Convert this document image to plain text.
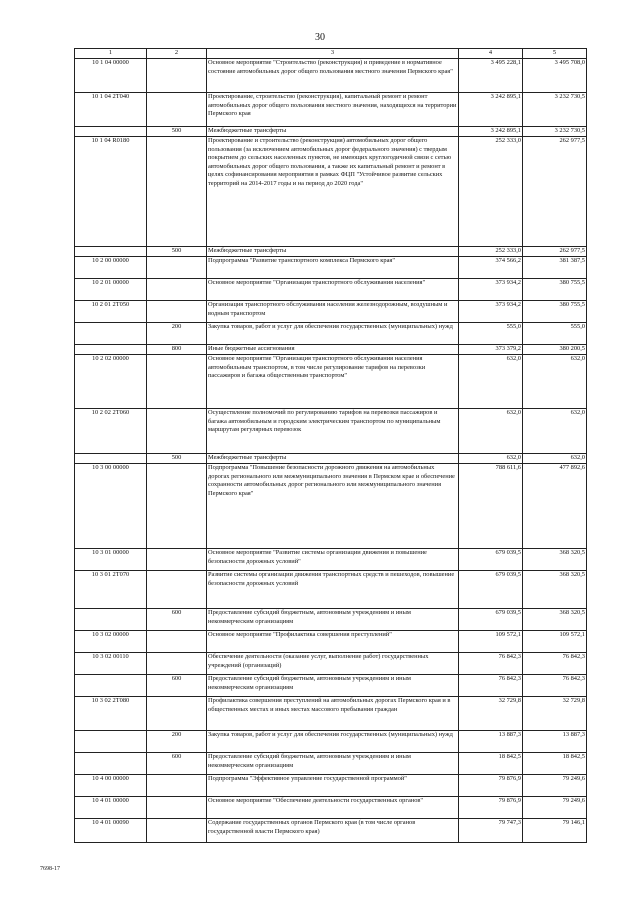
30
1	2	3	4	5
10 1 04 00000		Основное мероприятие "Строительство (реконструкция) и приведение в нормативное состояние автомобильных дорог общего пользования местного значения Пермского края"	3 495 228,1	3 495 708,0
10 1 04 2Т040		Проектирование, строительство (реконструкция), капитальный ремонт и ремонт автомобильных дорог общего пользования местного значения, находящихся на территории Пермского края	3 242 895,1	3 232 730,5
	500	Межбюджетные трансферты	3 242 895,1	3 232 730,5
10 1 04 R0180		Проектирование и строительство (реконструкция) автомобильных дорог общего пользования (за исключением автомобильных дорог федерального значения) с твердым покрытием до сельских населенных пунктов, не имеющих круглогодичной связи с сетью автомобильных дорог общего пользования, а также их капитальный ремонт и ремонт в целях софинансирования мероприятия в рамках ФЦП "Устойчивое развитие сельских территорий на 2014-2017 годы и на период до 2020 года"	252 333,0	262 977,5
	500	Межбюджетные трансферты	252 333,0	262 977,5
10 2 00 00000		Подпрограмма "Развитие транспортного комплекса Пермского края"	374 566,2	381 387,5
10 2 01 00000		Основное мероприятие "Организация транспортного обслуживания населения"	373 934,2	380 755,5
10 2 01 2Т050		Организация транспортного обслуживания населения железнодорожным, воздушным и водным транспортом	373 934,2	380 755,5
	200	Закупка товаров, работ и услуг для обеспечения государственных (муниципальных) нужд	555,0	555,0
	800	Иные бюджетные ассигнования	373 379,2	380 200,5
10 2 02 00000		Основное мероприятие "Организация транспортного обслуживания населения автомобильным транспортом, в том числе регулирование тарифов на перевозки пассажиров и багажа общественным транспортом"	632,0	632,0
10 2 02 2Т060		Осуществление полномочий по регулированию тарифов на перевозки пассажиров и багажа автомобильным и городским электрическим транспортом по муниципальным маршрутам регулярных перевозок	632,0	632,0
	500	Межбюджетные трансферты	632,0	632,0
10 3 00 00000		Подпрограмма "Повышение безопасности дорожного движения на автомобильных дорогах регионального или межмуниципального значения в Пермском крае и обеспечение сохранности автомобильных дорог регионального или межмуниципального значения Пермского края"	788 611,6	477 892,6
10 3 01 00000		Основное мероприятие "Развитие системы организации движения и повышение безопасности дорожных условий"	679 039,5	368 320,5
10 3 01 2Т070		Развитие системы организации движения транспортных средств и пешеходов, повышение безопасности дорожных условий	679 039,5	368 320,5
	600	Предоставление субсидий бюджетным, автономным учреждениям и иным некоммерческим организациям	679 039,5	368 320,5
10 3 02 00000		Основное мероприятие "Профилактика совершения преступлений"	109 572,1	109 572,1
10 3 02 00110		Обеспечение деятельности (оказание услуг, выполнение работ) государственных учреждений (организаций)	76 842,3	76 842,3
	600	Предоставление субсидий бюджетным, автономным учреждениям и иным некоммерческим организациям	76 842,3	76 842,3
10 3 02 2Т080		Профилактика совершения преступлений на автомобильных дорогах Пермского края и в общественных местах и иных местах массового пребывания граждан	32 729,8	32 729,8
	200	Закупка товаров, работ и услуг для обеспечения государственных (муниципальных) нужд	13 887,3	13 887,3
	600	Предоставление субсидий бюджетным, автономным учреждениям и иным некоммерческим организациям	18 842,5	18 842,5
10 4 00 00000		Подпрограмма "Эффективное управление государственной программой"	79 876,9	79 249,6
10 4 01 00000		Основное мероприятие "Обеспечение деятельности государственных органов"	79 876,9	79 249,6
10 4 01 00090		Содержание государственных органов Пермского края (в том числе органов государственной власти Пермского края)	79 747,3	79 146,1
7698-17
